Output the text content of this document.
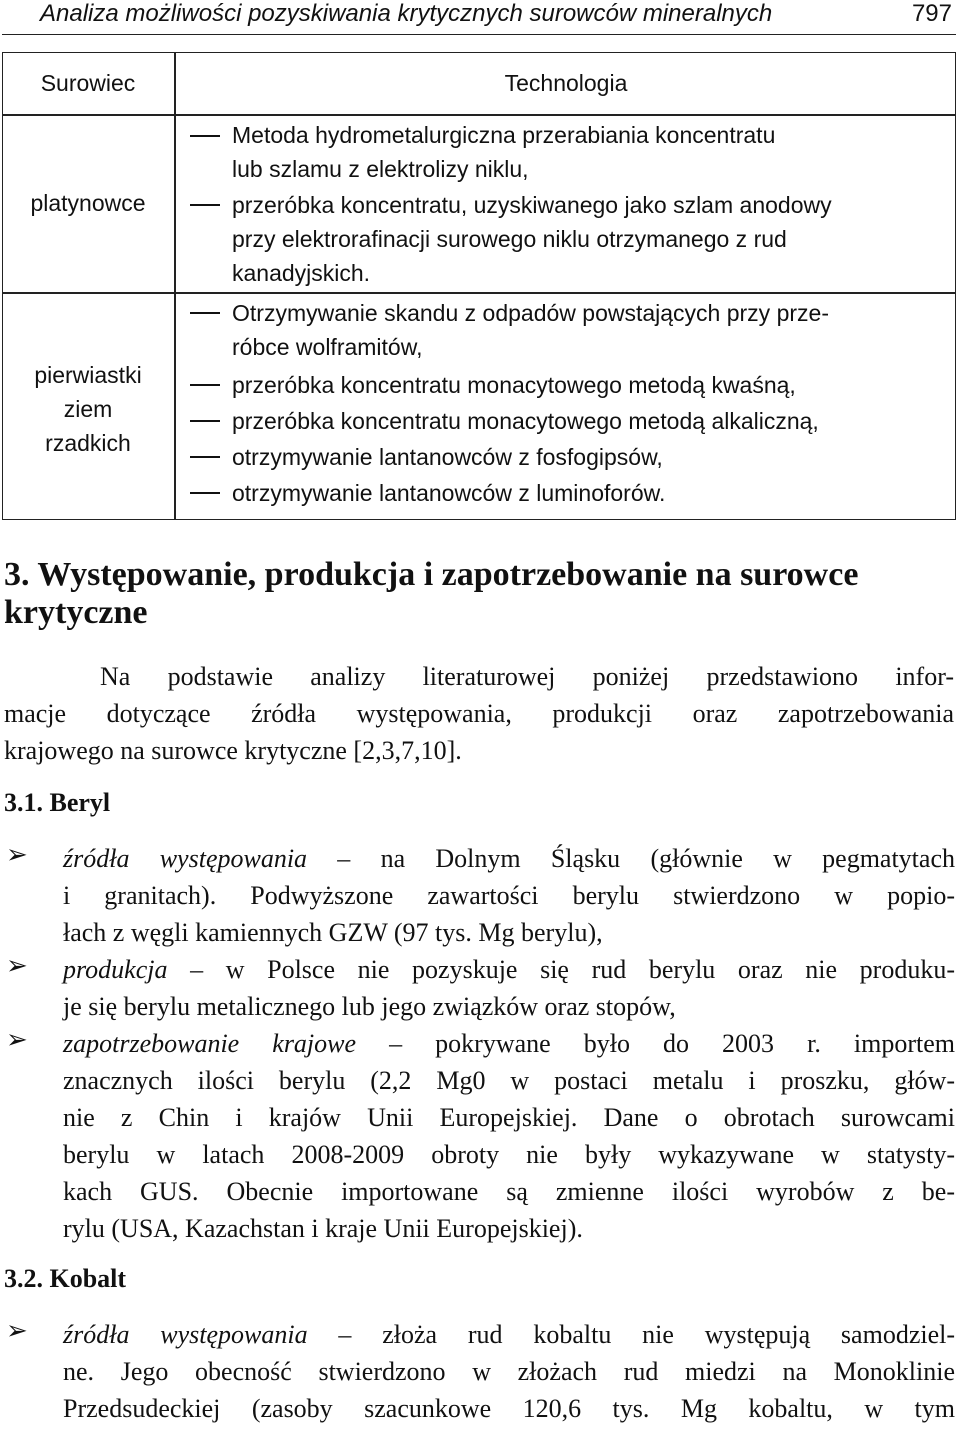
Analiza możliwości pozyskiwania krytycznych surowców mineralnych	797
Surowiec	Technologia
platynowce
Metoda hydrometalurgiczna przerabiania koncentratu
lub szlamu z elektrolizy niklu,
przeróbka koncentratu, uzyskiwanego jako szlam anodowy
przy elektrorafinacji surowego niklu otrzymanego z rud
kanadyjskich.
pierwiastki
ziem
rzadkich
Otrzymywanie skandu z odpadów powstających przy prze-
róbce wolframitów,
przeróbka koncentratu monacytowego metodą kwaśną,
przeróbka koncentratu monacytowego metodą alkaliczną,
otrzymywanie lantanowców z fosfogipsów,
otrzymywanie lantanowców z luminoforów.
3. Występowanie, produkcja i zapotrzebowanie na surowce
krytyczne
Na podstawie analizy literaturowej poniżej przedstawiono infor-
macje dotyczące źródła występowania, produkcji oraz zapotrzebowania
krajowego na surowce krytyczne [2,3,7,10].
3.1. Beryl
➢ źródła występowania – na Dolnym Śląsku (głównie w pegmatytach
i granitach). Podwyższone zawartości berylu stwierdzono w popio-
łach z węgli kamiennych GZW (97 tys. Mg berylu),
➢ produkcja – w Polsce nie pozyskuje się rud berylu oraz nie produku-
je się berylu metalicznego lub jego związków oraz stopów,
➢ zapotrzebowanie krajowe – pokrywane było do 2003 r. importem
znacznych ilości berylu (2,2 Mg0 w postaci metalu i proszku, głów-
nie z Chin i krajów Unii Europejskiej. Dane o obrotach surowcami
berylu w latach 2008-2009 obroty nie były wykazywane w statysty-
kach GUS. Obecnie importowane są zmienne ilości wyrobów z be-
rylu (USA, Kazachstan i kraje Unii Europejskiej).
3.2. Kobalt
➢ źródła występowania – złoża rud kobaltu nie występują samodziel-
ne. Jego obecność stwierdzono w złożach rud miedzi na Monoklinie
Przedsudeckiej (zasoby szacunkowe 120,6 tys. Mg kobaltu, w tym
